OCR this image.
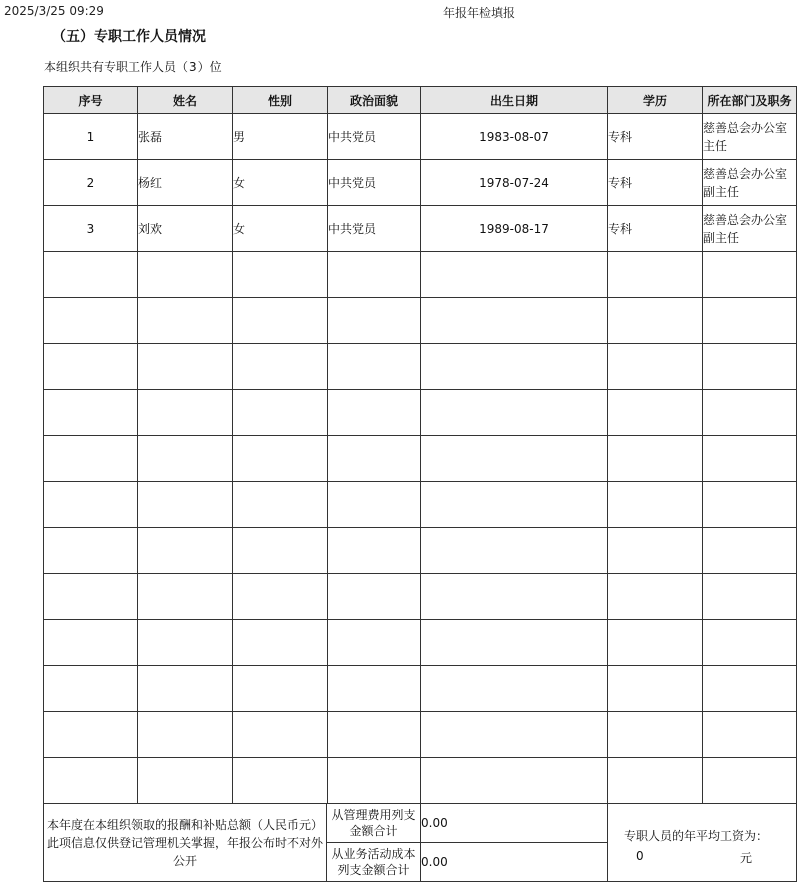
2025/3/25 09:29	年报年检填报
（五）专职工作人员情况
本组织共有专职工作人员（3）位
序号	姓名	性别	政治面貌	出生日期	学历	所在部门及职务
1	张磊	男	中共党员	1983-08-07	专科	慈善总会办公室主任
2	杨红	女	中共党员	1978-07-24	专科	慈善总会办公室副主任
3	刘欢	女	中共党员	1989-08-17	专科	慈善总会办公室副主任

本年度在本组织领取的报酬和补贴总额（人民币元）此项信息仅供登记管理机关掌握，年报公布时不对外公开	从管理费用列支金额合计	0.00	专职人员的年平均工资为：
0 元

	从业务活动成本列支金额合计	0.00	
